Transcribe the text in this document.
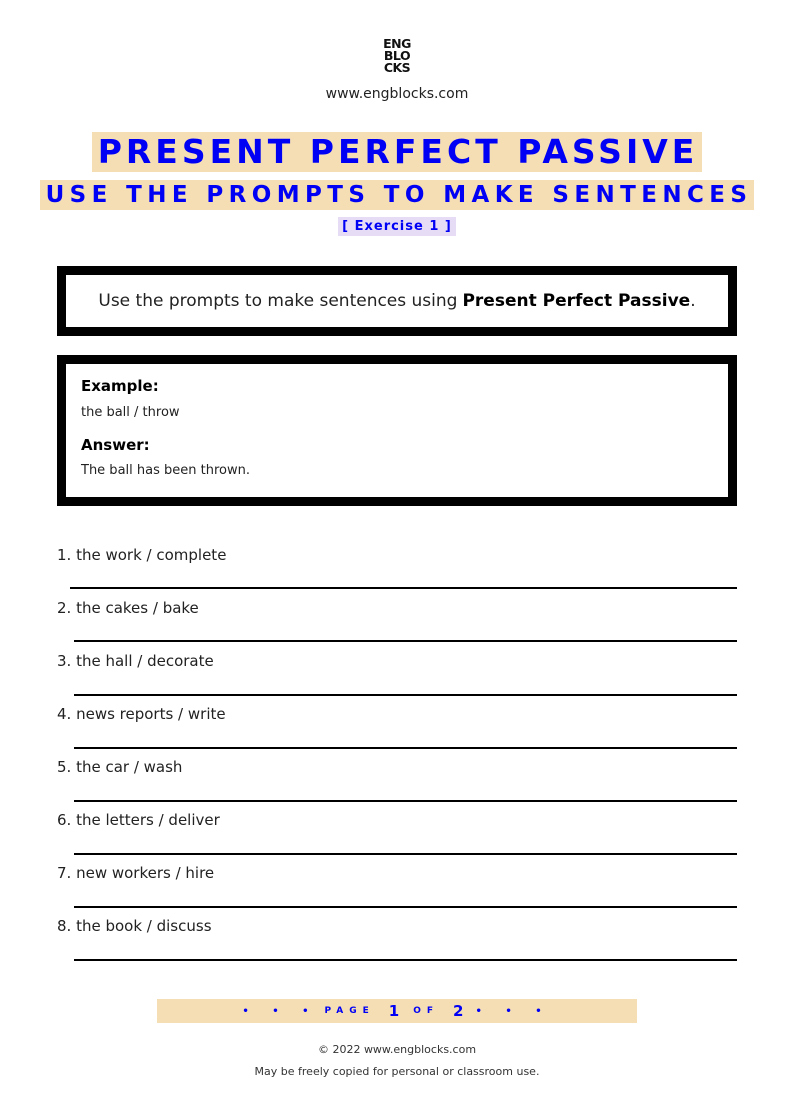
ENG
BLO
CKS
www.engblocks.com
PRESENT PERFECT PASSIVE
USE THE PROMPTS TO MAKE SENTENCES
[ Exercise 1 ]
Use the prompts to make sentences using Present Perfect Passive .
Example:
the ball / throw
Answer:
The ball has been thrown.
1. the work / complete
2. the cakes / bake
3. the hall / decorate
4. news reports / write
5. the car / wash
6. the letters / deliver
7. new workers / hire
8. the book / discuss
• • • PAGE 1 OF 2 • • •
© 2022 www.engblocks.com
May be freely copied for personal or classroom use.
